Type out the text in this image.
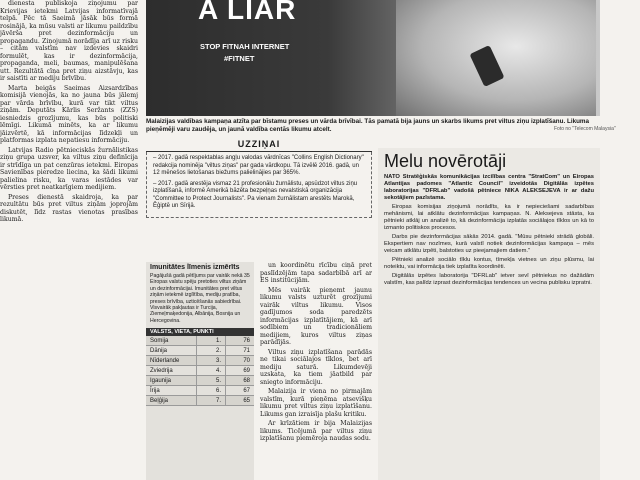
dienesta publiskoja ziņojumu par Krievijas ietekmi Latvijas informatīvajā telpā. Pēc tā Saeimā jāsāk būs formā rosinājā, ka mūsu valsti ar likumu paildzību jāvērša pret dezinformāciju un propagandu. Ziņojumā norādīja arī uz risku – citām valstīm nav izdevies skaidri formulēt, kas ir dezinformācija, propaganda, meli, baumas, manipulēšana utt. Rezultātā cīņa pret ziņu aizstāvju, kas ir saistīti ar mediju brīvību.

Marta beigās Saeimas Aizsardzības komisijā vienojās, ka no jauna būs jālemj par vārda brīvību, kurā var tikt viltus ziņām. Deputāts Kārlis Seržants (ZZS) iesniedzis grozījumu, kas būs politiski lēmīgi. Likumā minēts, ka ar likumu jāizvērtē, kā informācijas līdzekļi un platformas izplata nepatiesu informāciju.

Latvijas Radio pētnieciskās žurnālistikas ziņu grupa uzsver, ka viltus ziņu definīcija ir strīdīga un pat cenzūras ietekmi. Eiropas Savienības pieredze liecina, ka šādi likumi palielina risku, ka varas iestādes var vērsties pret neatkarīgiem medijiem.

Preses dienestā skaidroja, ka par rezultātu būs pret viltus ziņām joprojām diskutēt, līdz rastas vienotas prasības likumā.

A LIAR
STOP FITNAH INTERNET
#FITNET
Malaizijas valdības kampaņa atzīta par bīstamu preses un vārda brīvībai. Tās pamatā bija jauns un skarbs likums pret viltus ziņu izplatīšanu. Likuma pieņēmēji varu zaudēja, un jaunā valdība centās likumu atcelt.	Foto no "Telecom Malaysia"
UZZIŅAI

– 2017. gadā respektablas angļu valodas vārdnīcas "Collins English Dictionary" redakcija nominēja "viltus ziņas" par gada vārdkopu. Tā izvēlē 2016. gadā, un 12 mēnešos lietošanas biežums palielinājies par 365%.

– 2017. gadā arestēja vismaz 21 profesionālu žurnālistu, apsūdzot viltus ziņu izplatīšanā, informē Amerikā bāzēta bezpeļņas nevalstiskā organizācija "Committee to Protect Journalists". Pa vienam žurnālistam arestēts Marokā, Ēģiptē un Sīrijā.

Imunitātes līmenis izmērīts
Pagājušā gadā pētījums par vairāk nekā 35 Eiropas valstu spēju pretoties viltus ziņām un dezinformācijai. Imunitātes pret viltus ziņām ietekmē izglītība, mediju pratība, preses brīvība, uzticēšanās sabiedrībai. Visvairāk pakļautas ir Turcija, Ziemeļmaķedonija, Albānija, Bosnija un Hercegovina.
VALSTS, VIETA, PUNKTI
Somija	1.	76
Dānija	2.	71
Nīderlande	3.	70
Zviedrija	4.	69
Igaunija	5.	68
Īrija	6.	67
Beļģija	7.	65

un koordinētu rīcību ciņā pret paslīdzējām tapa sadarbībā arī ar ES institūcijām.

Mēs vairāk pieņemt jaunu likumu valsts uzturēt grozījumi vairāk viltus likumu. Visos gadījumos soda paredzēts informācijas izplatītājiem, kā arī sodībiem un tradicionāliem medijiem, kuros viltus ziņas parādījās.

Viltus ziņu izplatīšana parādās ne tikai sociālajos tīklos, bet arī mediju saturā. Likumdevēji uzskata, ka tiem jāatbild par sniegto informāciju.

Malaizija ir viena no pirmajām valstīm, kurā pieņēma atsevišķu likumu pret viltus ziņu izplatīšanu. Likums gan izraisīja plašu kritiku.

Ar krīzātiem ir bija Malaizijas likums. Ticējumā par viltus ziņu izplatīšanu piemēroja naudas sodu.

Melu novērotāji
NATO Stratēģiskās komunikācijas izcilības centra "StratCom" un Eiropas Atlantijas padomes "Atlantic Council" izveidotās Digitālās izpētes laboratorijas "DFRLab" vadošā pētniece NIKA ALEKSEJEVA ir ar dažu sekotājiem pazīstama.

Eiropas komisijas ziņojumā norādīts, ka ir nepieciešami sadarbības mehānismi, lai atklātu dezinformācijas kampaņas. N. Aleksejeva stāsta, ka pētnieki atklāj un analizē to, kā dezinformācija izplatās sociālajos tīklos un kā to izmanto politiskos procesos.

Darbs pie dezinformācijas sākās 2014. gadā. "Mūsu pētnieki strādā globāli. Ekspertiem nav nozīmes, kurā valstī notiek dezinformācijas kampaņa – mēs veicam atklātu izpēti, balstoties uz pieejamajiem datiem."

Pētnieki analizē sociālo tīklu kontus, tīmekļa vietnes un ziņu plūsmu, lai noteiktu, vai informācija tiek izplatīta koordinēti.

Digitālās izpētes laboratorija "DFRLab" ietver sevī pētniekus no dažādām valstīm, kas palīdz izprast dezinformācijas tendences un vecina publisku izpratni.
